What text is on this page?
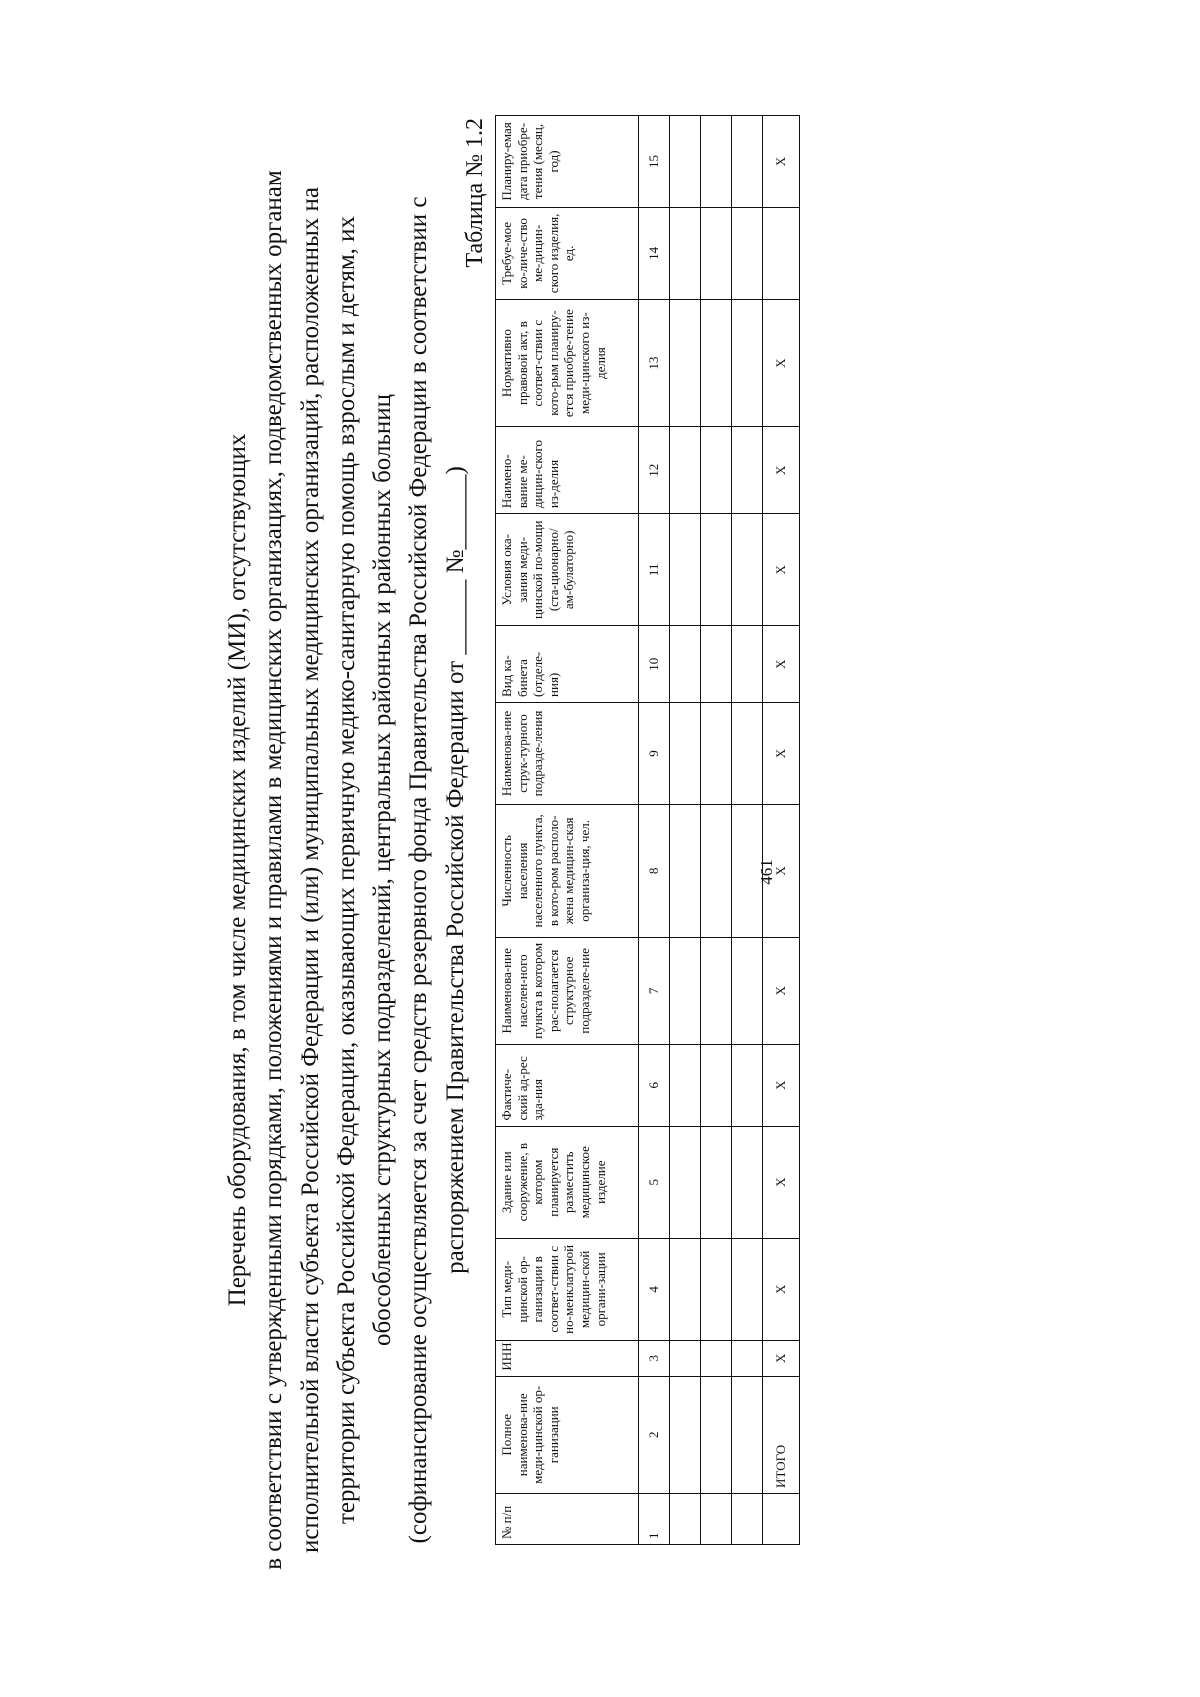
461
Перечень оборудования, в том числе медицинских изделий (МИ), отсутствующих в соответствии с утвержденными порядками, положениями и правилами в медицинских организациях, подведомственных органам исполнительной власти субъекта Российской Федерации и (или) муниципальных медицинских организаций, расположенных на территории субъекта Российской Федерации, оказывающих первичную медико-санитарную помощь взрослым и детям, их обособленных структурных подразделений, центральных районных и районных больниц (софинансирование осуществляется за счет средств резервного фонда Правительства Российской Федерации в соответствии с распоряжением Правительства Российской Федерации от ______ №______)
Таблица № 1.2
№ п/п	Полное наименова-ние меди-цинской ор-ганизации	ИНН	Тип меди-цинской ор-ганизации в соответ-ствии с но-менклатурой медицин-ской органи-зации	Здание или сооружение, в котором планируется разместить медицинское изделие	Фактиче-ский ад-рес зда-ния	Наименова-ние населен-ного пункта в котором рас-полагается структурное подразделе-ние	Численность населения населенного пункта, в кото-ром располо-жена медицин-ская организа-ция, чел.	Наименова-ние струк-турного подразде-ления	Вид ка-бинета (отделе-ния)	Условия ока-зания меди-цинской по-мощи (ста-ционарно/ ам-булаторно)	Наимено-вание ме-дицин-ского из-делия	Нормативно правовой акт, в соответ-ствии с кото-рым планиру-ется приобре-тение меди-цинского из-делия	Требуе-мое ко-личе-ство ме-дицин-ского изделия, ед.	Планиру-емая дата приобре-тения (месяц, год)
1	2	3	4	5	6	7	8	9	10	11	12	13	14	15

	ИТОГО	Х	Х	Х	Х	Х	Х	Х	Х	Х	Х	Х		Х
